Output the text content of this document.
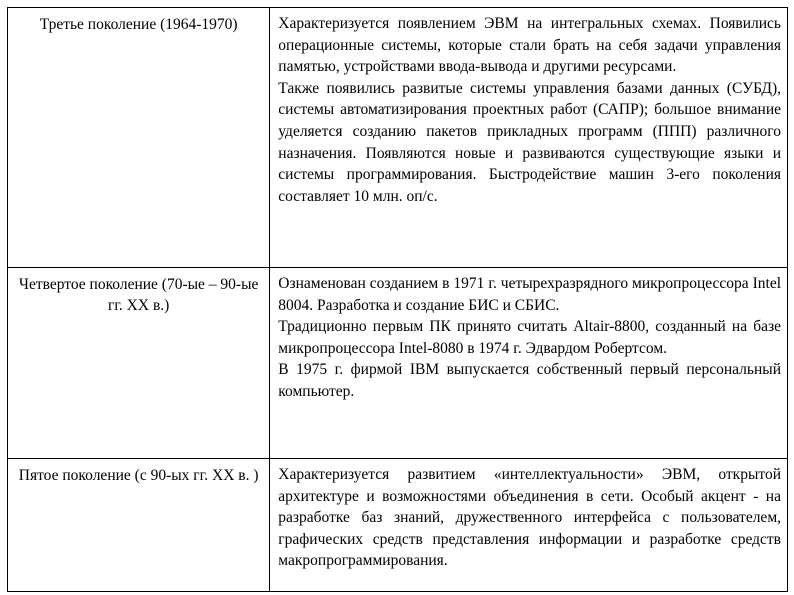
Третье поколение (1964-1970)	Характеризуется появлением ЭВМ на интегральных схемах. Появились операционные системы, которые стали брать на себя задачи управления памятью, устройствами ввода-вывода и другими ресурсами.
Также появились развитые системы управления базами данных (СУБД), системы автоматизирования проектных работ (САПР); большое внимание уделяется созданию пакетов прикладных программ (ППП) различного назначения. Появляются новые и развиваются существующие языки и системы программирования. Быстродействие машин 3-его поколения составляет 10 млн. оп/с.

Четвертое поколение (70-ые – 90-ые гг. XX в.)	Ознаменован созданием в 1971 г. четырехразрядного микропроцессора Intel 8004. Разработка и создание БИС и СБИС.
Традиционно первым ПК принято считать Altair-8800, созданный на базе микропроцессора Intel-8080 в 1974 г. Эдвардом Робертсом.
В 1975 г. фирмой IBM выпускается собственный первый персональный компьютер.

Пятое поколение (с 90-ых гг. XX в. )	Характеризуется развитием «интеллектуальности» ЭВМ, открытой архитектуре и возможностями объединения в сети. Особый акцент - на разработке баз знаний, дружественного интерфейса с пользователем, графических средств представления информации и разработке средств макропрограммирования.
